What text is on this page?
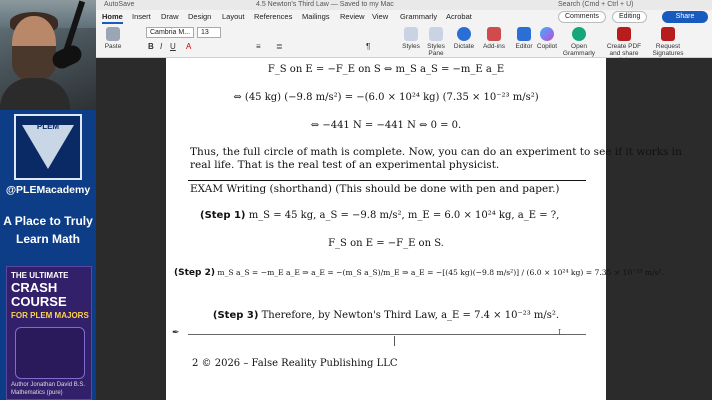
PLEM
@PLEMacademy
A Place to Truly Learn Math
THE ULTIMATE
CRASH COURSE
FOR PLEM MAJORS
Author Jonathan David B.S. Mathematics (pure)
AutoSave	4.5 Newton's Third Law — Saved to my Mac	Search (Cmd + Ctrl + U)
Home Insert Draw Design Layout References Mailings Review View Grammarly Acrobat	Comments	Editing	Share
Paste
Cambria M...	13
B I U A	≡ ≣	¶	Styles	Styles Pane
Dictate Add-ins Editor Copilot	Open Grammarly
Create PDF and share link
Request Signatures
F_S on E = −F_E on S ⇔ m_S a_S = −m_E a_E
⇔ (45 kg) (−9.8 m/s²) = −(6.0 × 10²⁴ kg) (7.35 × 10⁻²³ m/s²)
⇔ −441 N = −441 N ⇔ 0 = 0.
Thus, the full circle of math is complete. Now, you can do an experiment to see if it works in
real life. That is the real test of an experimental physicist.
EXAM Writing (shorthand) (This should be done with pen and paper.)
(Step 1) m_S = 45 kg, a_S = −9.8 m/s², m_E = 6.0 × 10²⁴ kg, a_E = ?,
F_S on E = −F_E on S.
(Step 2) m_S a_S = −m_E a_E ⇒ a_E = −(m_S a_S)/m_E ⇒ a_E = −[(45 kg)(−9.8 m/s²)] / (6.0 × 10²⁴ kg) = 7.35 × 10⁻²³ m/s².
(Step 3) Therefore, by Newton's Third Law, a_E = 7.4 × 10⁻²³ m/s².
✒	I
2 © 2026 – False Reality Publishing LLC
